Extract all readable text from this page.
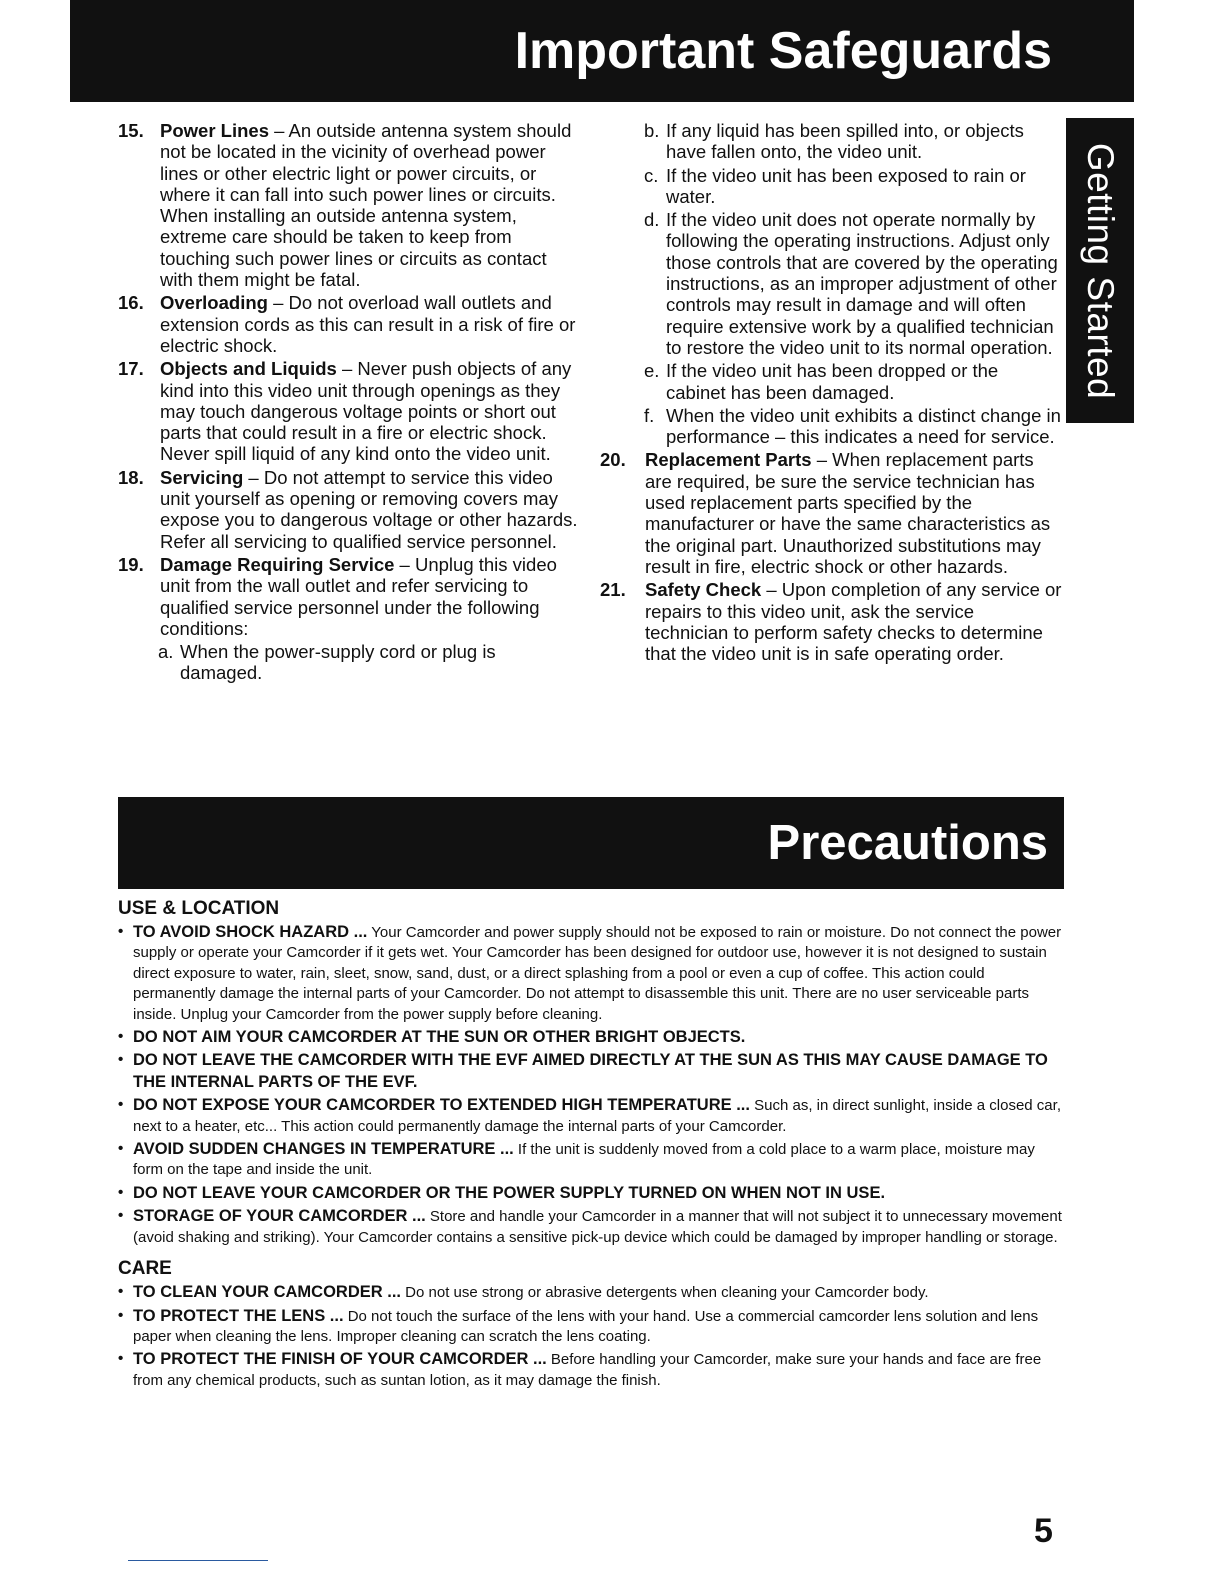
Important Safeguards
Getting Started
15. Power Lines – An outside antenna system should not be located in the vicinity of overhead power lines or other electric light or power circuits, or where it can fall into such power lines or circuits. When installing an outside antenna system, extreme care should be taken to keep from touching such power lines or circuits as contact with them might be fatal.
16. Overloading – Do not overload wall outlets and extension cords as this can result in a risk of fire or electric shock.
17. Objects and Liquids – Never push objects of any kind into this video unit through openings as they may touch dangerous voltage points or short out parts that could result in a fire or electric shock. Never spill liquid of any kind onto the video unit.
18. Servicing – Do not attempt to service this video unit yourself as opening or removing covers may expose you to dangerous voltage or other hazards. Refer all servicing to qualified service personnel.
19. Damage Requiring Service – Unplug this video unit from the wall outlet and refer servicing to qualified service personnel under the following conditions:
a. When the power-supply cord or plug is damaged.
b. If any liquid has been spilled into, or objects have fallen onto, the video unit.
c. If the video unit has been exposed to rain or water.
d. If the video unit does not operate normally by following the operating instructions. Adjust only those controls that are covered by the operating instructions, as an improper adjustment of other controls may result in damage and will often require extensive work by a qualified technician to restore the video unit to its normal operation.
e. If the video unit has been dropped or the cabinet has been damaged.
f. When the video unit exhibits a distinct change in performance – this indicates a need for service.
20. Replacement Parts – When replacement parts are required, be sure the service technician has used replacement parts specified by the manufacturer or have the same characteristics as the original part. Unauthorized substitutions may result in fire, electric shock or other hazards.
21. Safety Check – Upon completion of any service or repairs to this video unit, ask the service technician to perform safety checks to determine that the video unit is in safe operating order.
Precautions
USE & LOCATION
• TO AVOID SHOCK HAZARD ... Your Camcorder and power supply should not be exposed to rain or moisture. Do not connect the power supply or operate your Camcorder if it gets wet. Your Camcorder has been designed for outdoor use, however it is not designed to sustain direct exposure to water, rain, sleet, snow, sand, dust, or a direct splashing from a pool or even a cup of coffee. This action could permanently damage the internal parts of your Camcorder. Do not attempt to disassemble this unit. There are no user serviceable parts inside. Unplug your Camcorder from the power supply before cleaning.
• DO NOT AIM YOUR CAMCORDER AT THE SUN OR OTHER BRIGHT OBJECTS.
• DO NOT LEAVE THE CAMCORDER WITH THE EVF AIMED DIRECTLY AT THE SUN AS THIS MAY CAUSE DAMAGE TO THE INTERNAL PARTS OF THE EVF.
• DO NOT EXPOSE YOUR CAMCORDER TO EXTENDED HIGH TEMPERATURE ... Such as, in direct sunlight, inside a closed car, next to a heater, etc... This action could permanently damage the internal parts of your Camcorder.
• AVOID SUDDEN CHANGES IN TEMPERATURE ... If the unit is suddenly moved from a cold place to a warm place, moisture may form on the tape and inside the unit.
• DO NOT LEAVE YOUR CAMCORDER OR THE POWER SUPPLY TURNED ON WHEN NOT IN USE.
• STORAGE OF YOUR CAMCORDER ... Store and handle your Camcorder in a manner that will not subject it to unnecessary movement (avoid shaking and striking). Your Camcorder contains a sensitive pick-up device which could be damaged by improper handling or storage.
CARE
• TO CLEAN YOUR CAMCORDER ... Do not use strong or abrasive detergents when cleaning your Camcorder body.
• TO PROTECT THE LENS ... Do not touch the surface of the lens with your hand. Use a commercial camcorder lens solution and lens paper when cleaning the lens. Improper cleaning can scratch the lens coating.
• TO PROTECT THE FINISH OF YOUR CAMCORDER ... Before handling your Camcorder, make sure your hands and face are free from any chemical products, such as suntan lotion, as it may damage the finish.
5
